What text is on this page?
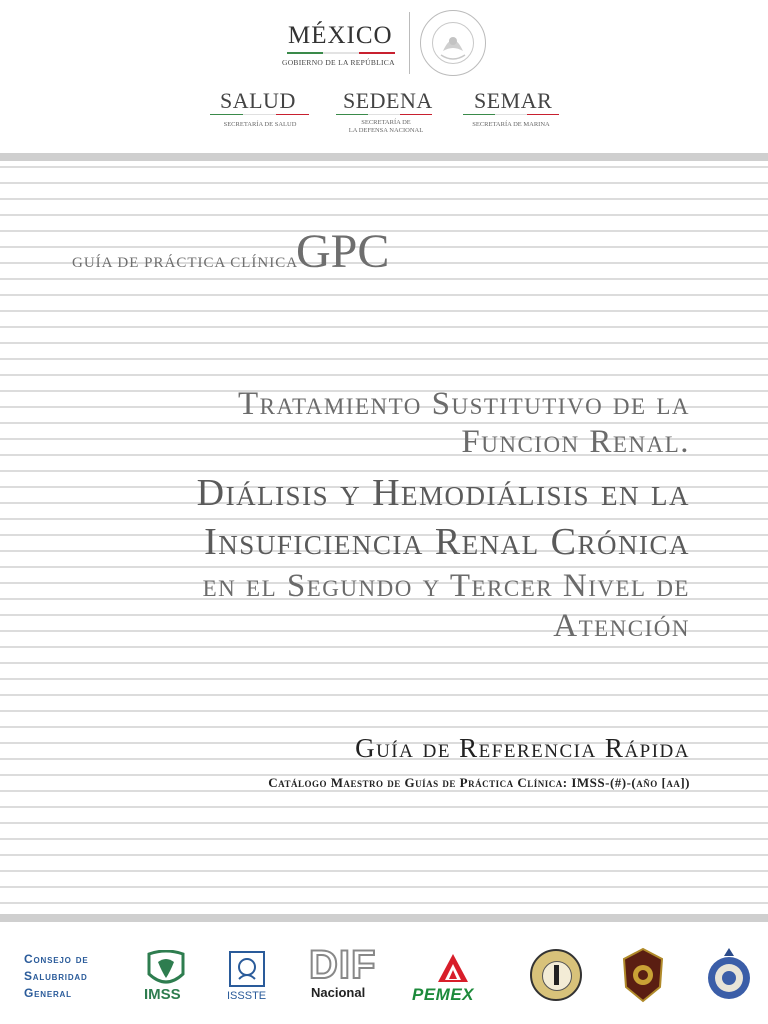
MÉXICO
GOBIERNO DE LA REPÚBLICA
SALUD
SECRETARÍA DE SALUD
SEDENA
SECRETARÍA DE
LA DEFENSA NACIONAL
SEMAR
SECRETARÍA DE MARINA
GUÍA DE PRÁCTICA CLÍNICA
GPC
Tratamiento Sustitutivo de la
Funcion Renal.
Diálisis y Hemodiálisis en la
Insuficiencia Renal Crónica
en el Segundo y Tercer Nivel de
Atención
Guía de Referencia Rápida
Catálogo Maestro de Guías de Práctica Clínica: IMSS-(#)-(año [aa])
Consejo de
Salubridad
General	IMSS	ISSSTE
DIF
Nacional	PEMEX
